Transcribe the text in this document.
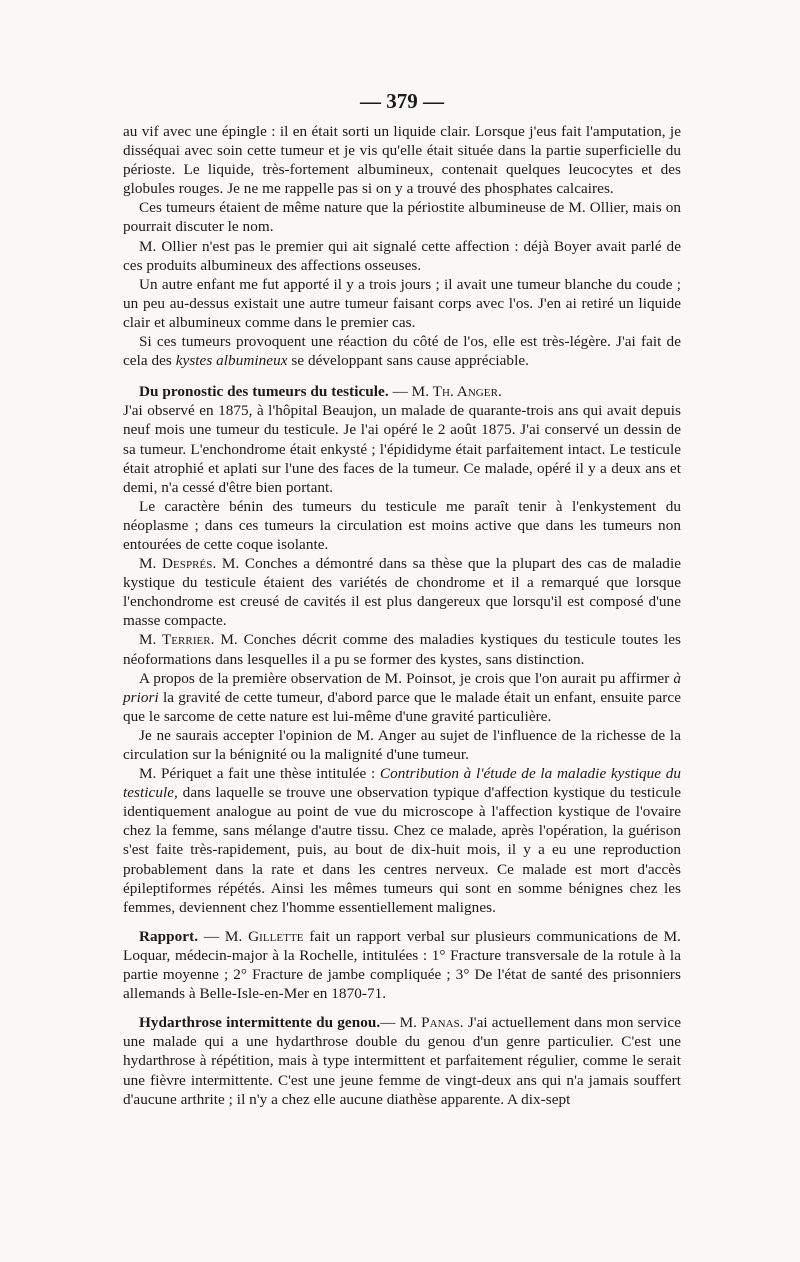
— 379 —

au vif avec une épingle : il en était sorti un liquide clair. Lorsque j'eus fait l'amputation, je disséquai avec soin cette tumeur et je vis qu'elle était située dans la partie superficielle du périoste. Le liquide, très-fortement albumineux, contenait quelques leucocytes et des globules rouges. Je ne me rappelle pas si on y a trouvé des phosphates calcaires.

Ces tumeurs étaient de même nature que la périostite albumineuse de M. Ollier, mais on pourrait discuter le nom.

M. Ollier n'est pas le premier qui ait signalé cette affection : déjà Boyer avait parlé de ces produits albumineux des affections osseuses.

Un autre enfant me fut apporté il y a trois jours ; il avait une tumeur blanche du coude ; un peu au-dessus existait une autre tumeur faisant corps avec l'os. J'en ai retiré un liquide clair et albumineux comme dans le premier cas.

Si ces tumeurs provoquent une réaction du côté de l'os, elle est très-légère. J'ai fait de cela des kystes albumineux se développant sans cause appréciable.

Du pronostic des tumeurs du testicule. — M. Th. Anger.

J'ai observé en 1875, à l'hôpital Beaujon, un malade de quarante-trois ans qui avait depuis neuf mois une tumeur du testicule. Je l'ai opéré le 2 août 1875. J'ai conservé un dessin de sa tumeur. L'enchondrome était enkysté ; l'épididyme était parfaitement intact. Le testicule était atrophié et aplati sur l'une des faces de la tumeur. Ce malade, opéré il y a deux ans et demi, n'a cessé d'être bien portant.

Le caractère bénin des tumeurs du testicule me paraît tenir à l'enkystement du néoplasme ; dans ces tumeurs la circulation est moins active que dans les tumeurs non entourées de cette coque isolante.

M. Després. M. Conches a démontré dans sa thèse que la plupart des cas de maladie kystique du testicule étaient des variétés de chondrome et il a remarqué que lorsque l'enchondrome est creusé de cavités il est plus dangereux que lorsqu'il est composé d'une masse compacte.

M. Terrier. M. Conches décrit comme des maladies kystiques du testicule toutes les néoformations dans lesquelles il a pu se former des kystes, sans distinction.

A propos de la première observation de M. Poinsot, je crois que l'on aurait pu affirmer à priori la gravité de cette tumeur, d'abord parce que le malade était un enfant, ensuite parce que le sarcome de cette nature est lui-même d'une gravité particulière.

Je ne saurais accepter l'opinion de M. Anger au sujet de l'influence de la richesse de la circulation sur la bénignité ou la malignité d'une tumeur.

M. Périquet a fait une thèse intitulée : Contribution à l'étude de la maladie kystique du testicule, dans laquelle se trouve une observation typique d'affection kystique du testicule identiquement analogue au point de vue du microscope à l'affection kystique de l'ovaire chez la femme, sans mélange d'autre tissu. Chez ce malade, après l'opération, la guérison s'est faite très-rapidement, puis, au bout de dix-huit mois, il y a eu une reproduction probablement dans la rate et dans les centres nerveux. Ce malade est mort d'accès épileptiformes répétés. Ainsi les mêmes tumeurs qui sont en somme bénignes chez les femmes, deviennent chez l'homme essentiellement malignes.

Rapport. — M. Gillette fait un rapport verbal sur plusieurs communications de M. Loquar, médecin-major à la Rochelle, intitulées : 1° Fracture transversale de la rotule à la partie moyenne ; 2° Fracture de jambe compliquée ; 3° De l'état de santé des prisonniers allemands à Belle-Isle-en-Mer en 1870-71.

Hydarthrose intermittente du genou.— M. Panas. J'ai actuellement dans mon service une malade qui a une hydarthrose double du genou d'un genre particulier. C'est une hydarthrose à répétition, mais à type intermittent et parfaitement régulier, comme le serait une fièvre intermittente. C'est une jeune femme de vingt-deux ans qui n'a jamais souffert d'aucune arthrite ; il n'y a chez elle aucune diathèse apparente. A dix-sept
